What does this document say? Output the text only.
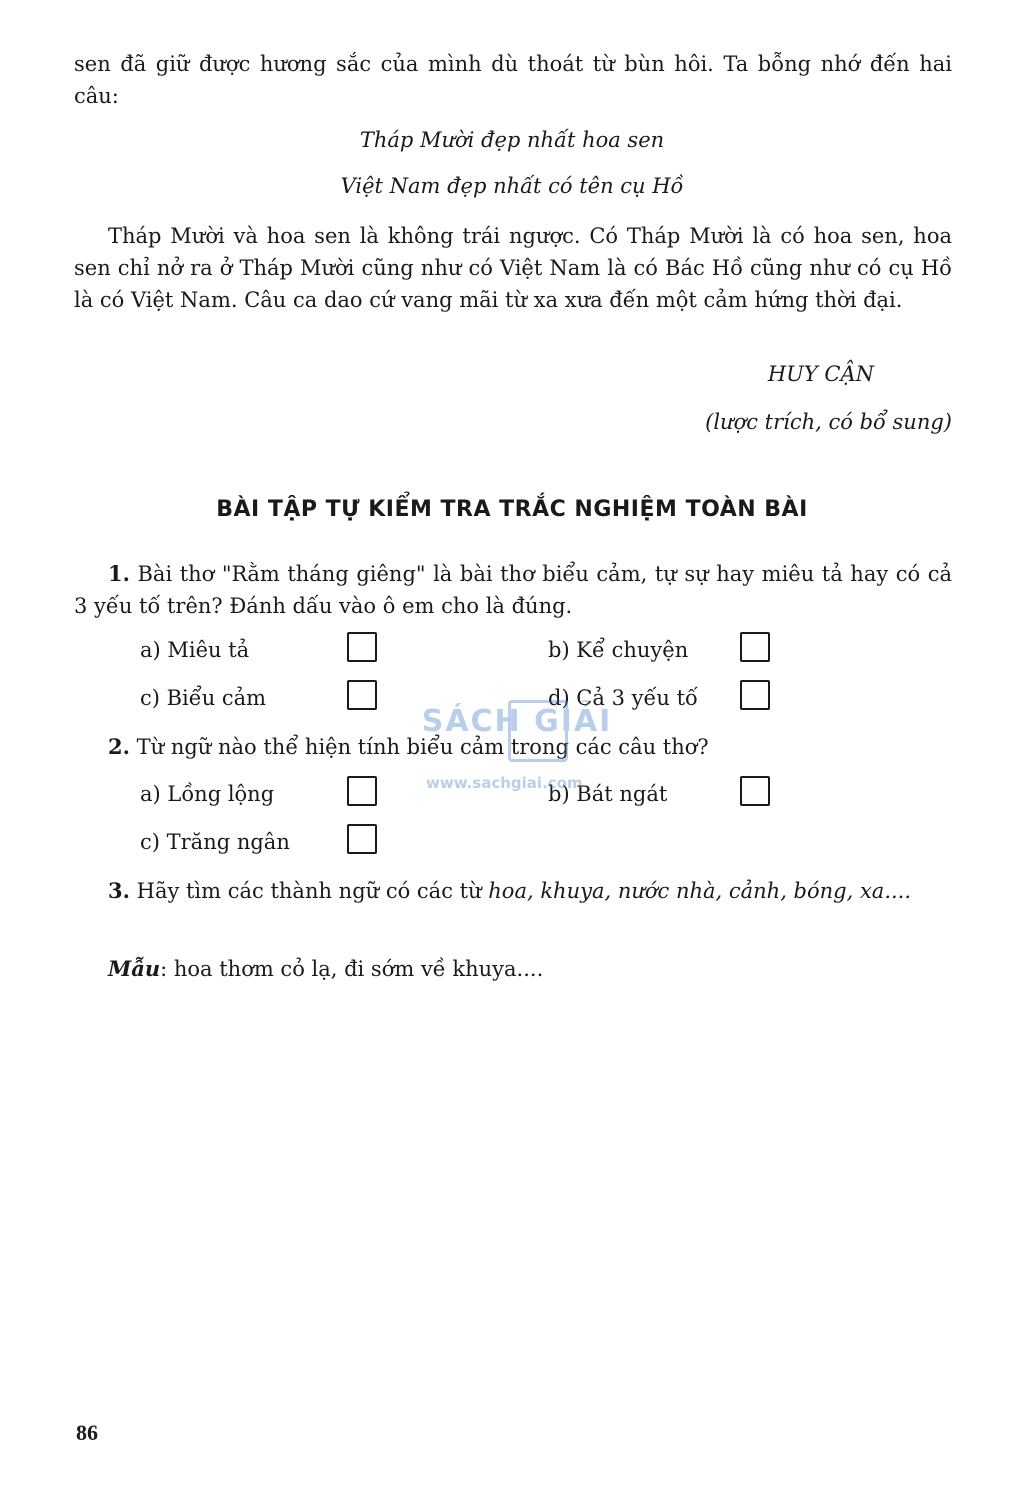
sen đã giữ được hương sắc của mình dù thoát từ bùn hôi. Ta bỗng nhớ đến hai câu:

Tháp Mười đẹp nhất hoa sen

Việt Nam đẹp nhất có tên cụ Hồ

Tháp Mười và hoa sen là không trái ngược. Có Tháp Mười là có hoa sen, hoa sen chỉ nở ra ở Tháp Mười cũng như có Việt Nam là có Bác Hồ cũng như có cụ Hồ là có Việt Nam. Câu ca dao cứ vang mãi từ xa xưa đến một cảm hứng thời đại.

HUY CẬN

(lược trích, có bổ sung)

BÀI TẬP TỰ KIỂM TRA TRẮC NGHIỆM TOÀN BÀI

1. Bài thơ "Rằm tháng giêng" là bài thơ biểu cảm, tự sự hay miêu tả hay có cả 3 yếu tố trên? Đánh dấu vào ô em cho là đúng.

a) Miêu tả	b) Kể chuyện
c) Biểu cảm	d) Cả 3 yếu tố

2. Từ ngữ nào thể hiện tính biểu cảm trong các câu thơ?

a) Lồng lộng	b) Bát ngát
c) Trăng ngân

3. Hãy tìm các thành ngữ có các từ hoa, khuya, nước nhà, cảnh, bóng, xa....

Mẫu: hoa thơm cỏ lạ, đi sớm về khuya....

SÁCH GIẢI
www.sachgiai.com

86
